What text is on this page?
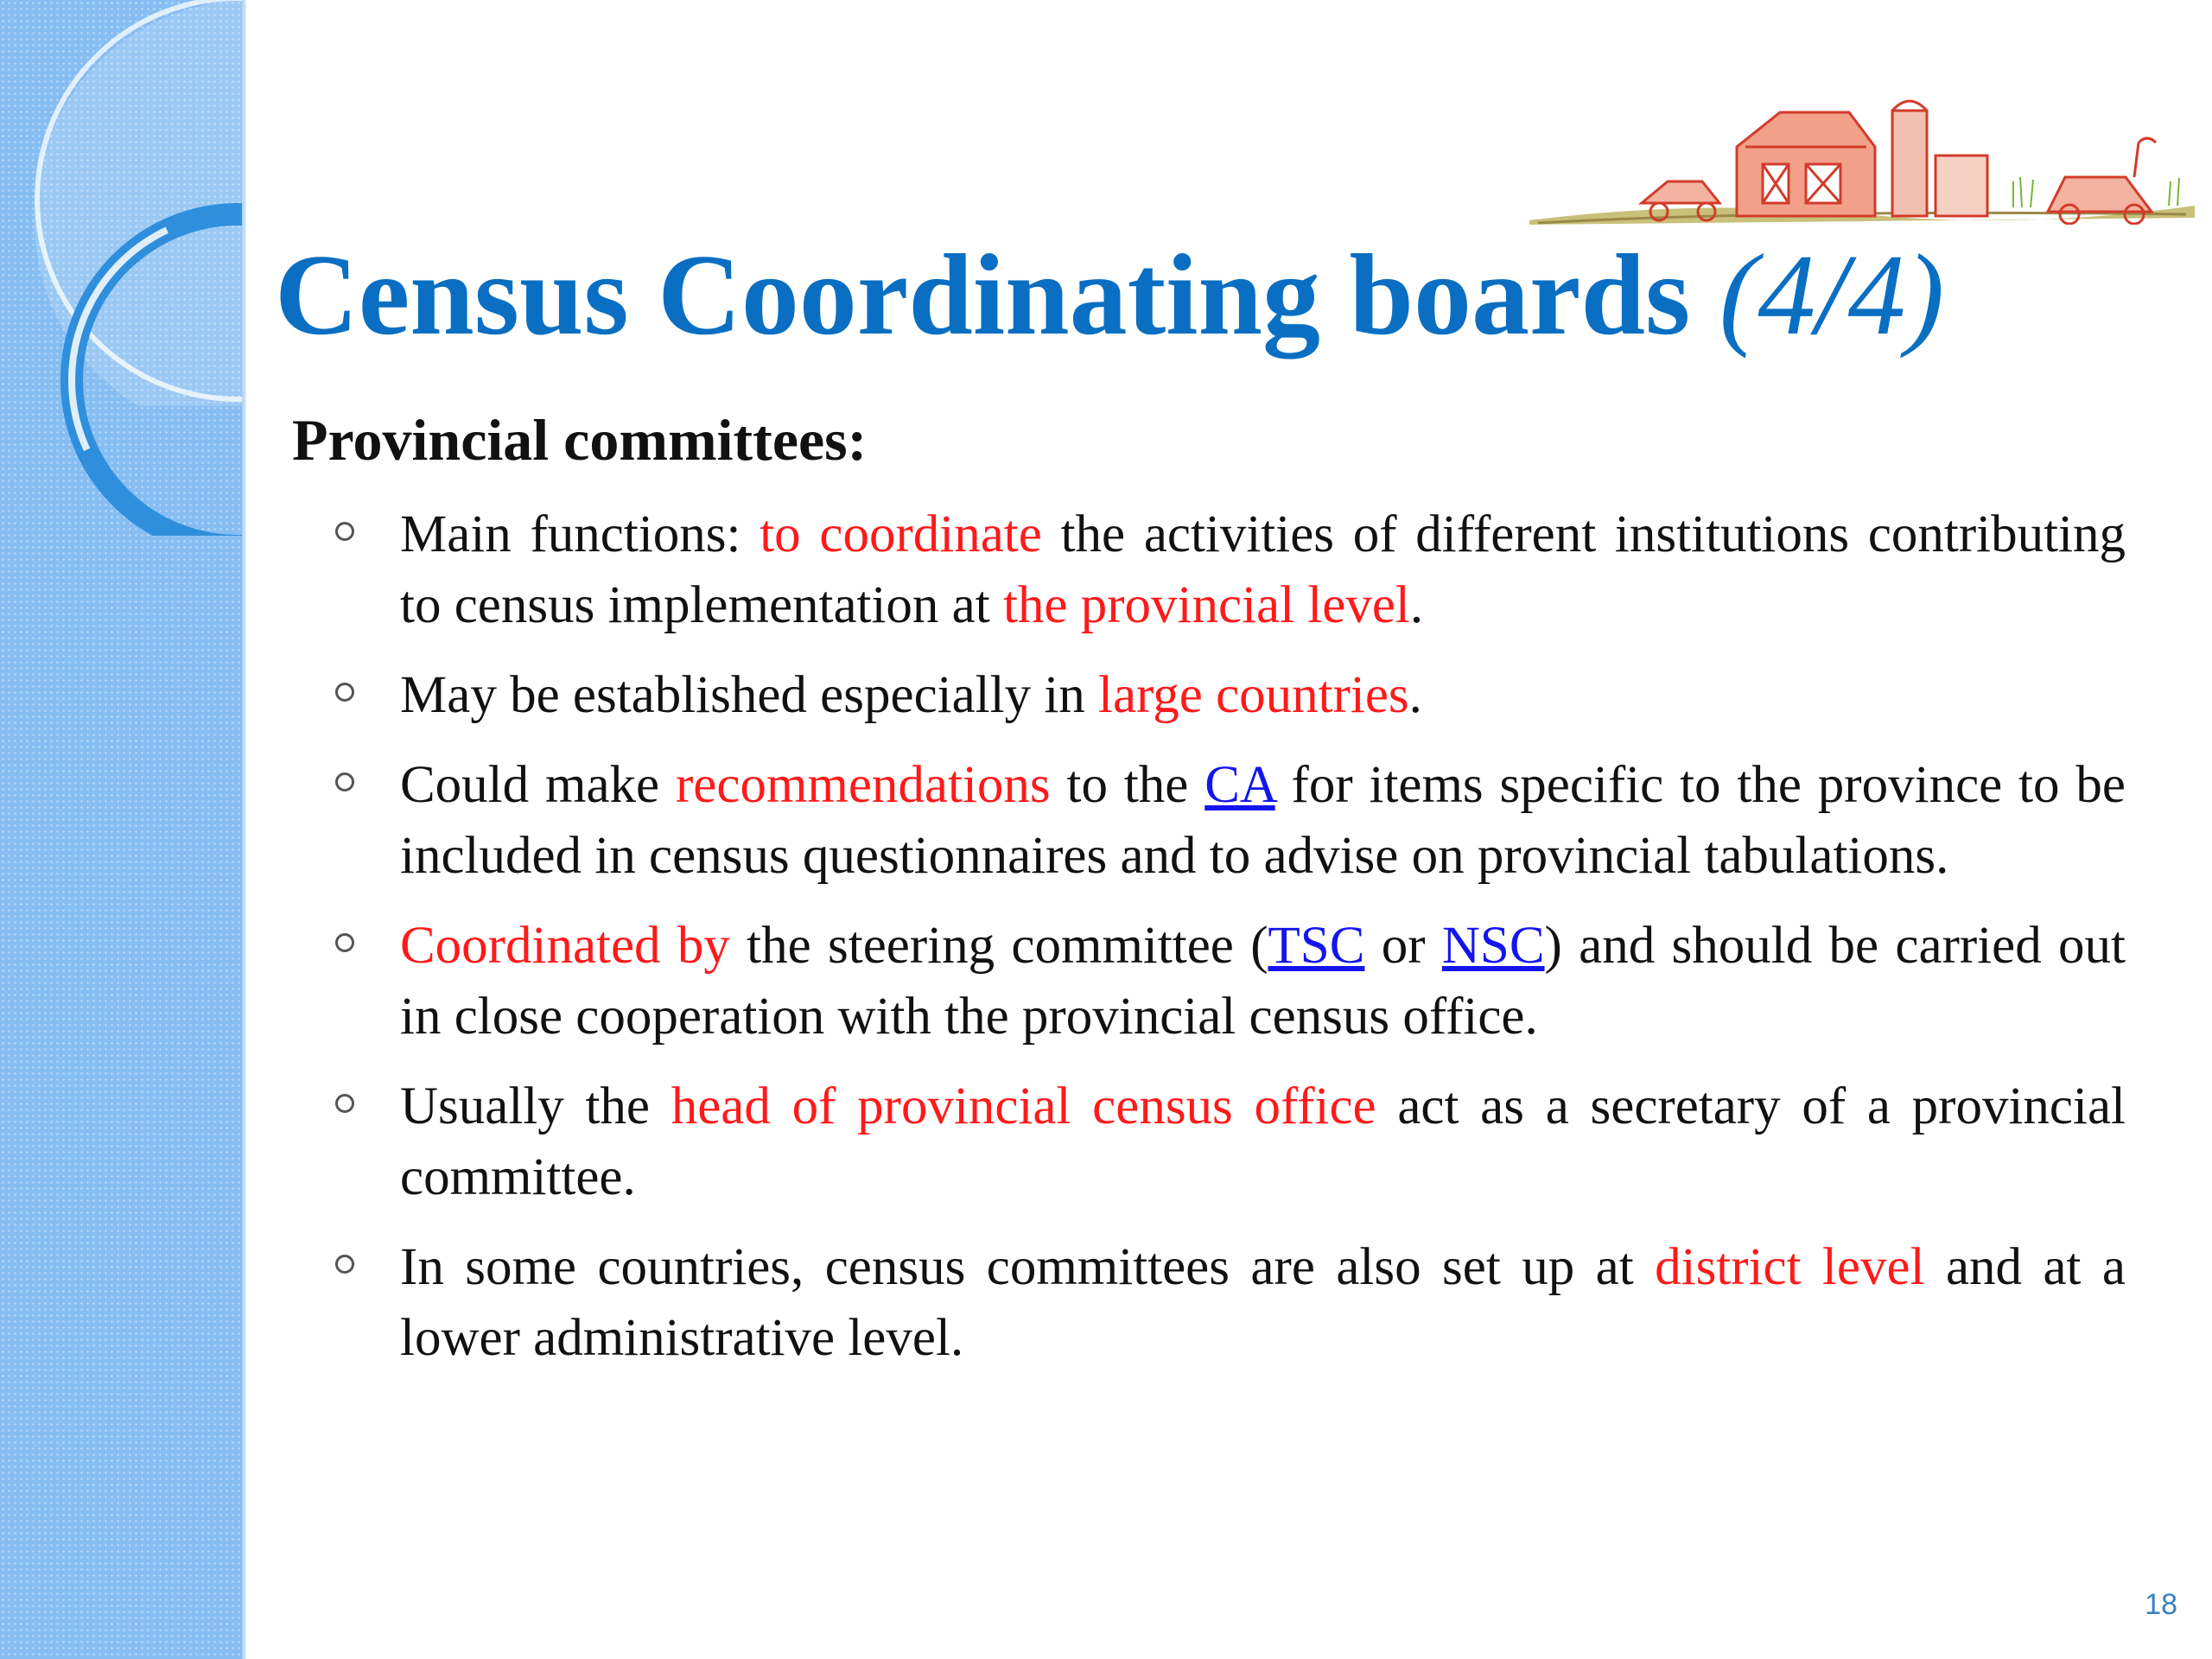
Census Coordinating boards (4/4)
Provincial committees:
Main functions: to coordinate the activities of different institutions contributing to census implementation at the provincial level.
May be established especially in large countries.
Could make recommendations to the CA for items specific to the province to be included in census questionnaires and to advise on provincial tabulations.
Coordinated by the steering committee (TSC or NSC) and should be carried out in close cooperation with the provincial census office.
Usually the head of provincial census office act as a secretary of a provincial committee.
In some countries, census committees are also set up at district level and at a lower administrative level.
18
